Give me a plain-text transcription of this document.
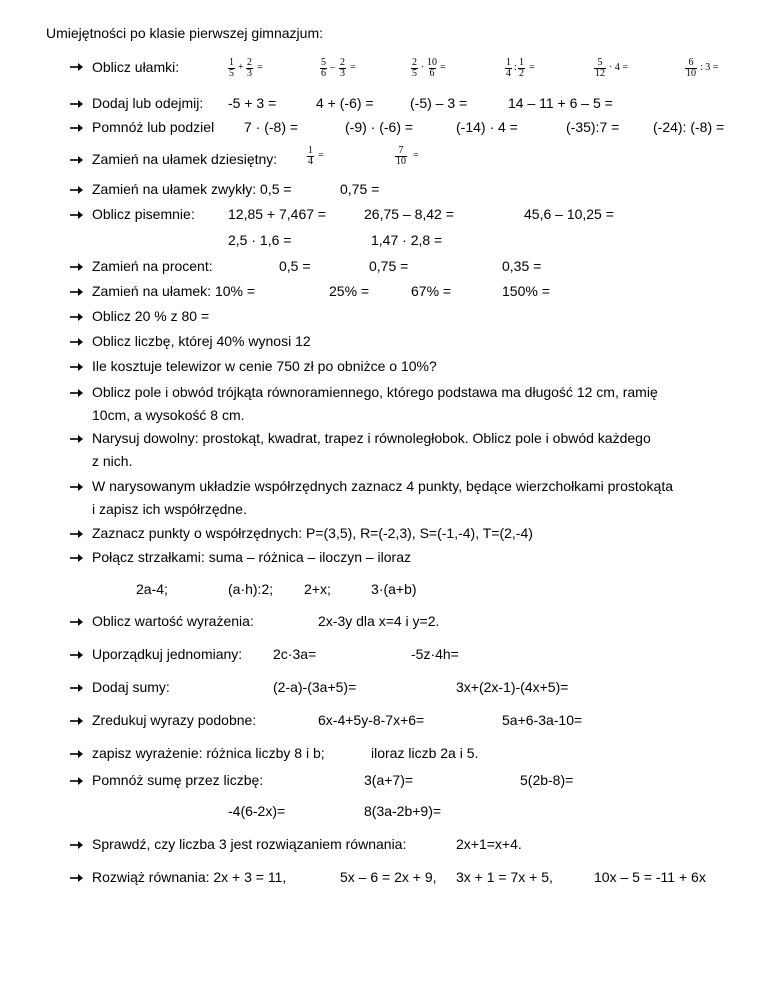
Umiejętności po klasie pierwszej gimnazjum:
Oblicz ułamki:	$\frac{1}{5} + \frac{2}{3}$ =	$\frac{5}{6} - \frac{2}{3}$ =	$\frac{2}{5} \cdot \frac{10}{6}$ =	$\frac{1}{4}$ : $\frac{1}{2}$ =	$\frac{5}{12} \cdot 4$ =	$\frac{6}{10}$ : 3 =
Dodaj lub odejmij: -5 + 3 =	4 + (-6) =	(-5) – 3 =	14 – 11 + 6 – 5 =
Pomnóż lub podziel 7 · (-8) =	(-9) · (-6) =	(-14) · 4 =	(-35):7 = (-24): (-8) =
Zamień na ułamek dziesiętny:	$\frac{1}{4}$ =	$\frac{7}{10}$ =
Zamień na ułamek zwykły: 0,5 =	0,75 =
Oblicz pisemnie: 12,85 + 7,467 =	26,75 – 8,42 =	45,6 – 10,25 =
2,5 · 1,6 =	1,47 · 2,8 =
Zamień na procent:	0,5 =	0,75 =	0,35 =
Zamień na ułamek: 10% =	25% =	67% =	150% =
Oblicz 20 % z 80 =
Oblicz liczbę, której 40% wynosi 12
Ile kosztuje telewizor w cenie 750 zł po obniżce o 10%?
Oblicz pole i obwód trójkąta równoramiennego, którego podstawa ma długość 12 cm, ramię
10cm, a wysokość 8 cm.
Narysuj dowolny: prostokąt, kwadrat, trapez i równoległobok. Oblicz pole i obwód każdego
z nich.
W narysowanym układzie współrzędnych zaznacz 4 punkty, będące wierzchołkami prostokąta
i zapisz ich współrzędne.
Zaznacz punkty o współrzędnych: P=(3,5), R=(-2,3), S=(-1,-4), T=(2,-4)
Połącz strzałkami: suma – różnica – iloczyn – iloraz
2a-4;	(a·h):2; 2+x;	3·(a+b)
Oblicz wartość wyrażenia:	2x-3y dla x=4 i y=2.
Uporządkuj jednomiany: 2c·3a=	-5z·4h=
Dodaj sumy:	(2-a)-(3a+5)=	3x+(2x-1)-(4x+5)=
Zredukuj wyrazy podobne:	6x-4+5y-8-7x+6=	5a+6-3a-10=
zapisz wyrażenie: różnica liczby 8 i b;	iloraz liczb 2a i 5.
Pomnóż sumę przez liczbę:	3(a+7)=	5(2b-8)=
-4(6-2x)=	8(3a-2b+9)=
Sprawdź, czy liczba 3 jest rozwiązaniem równania:	2x+1=x+4.
Rozwiąż równania: 2x + 3 = 11,	5x – 6 = 2x + 9, 3x + 1 = 7x + 5,	10x – 5 = -11 + 6x
